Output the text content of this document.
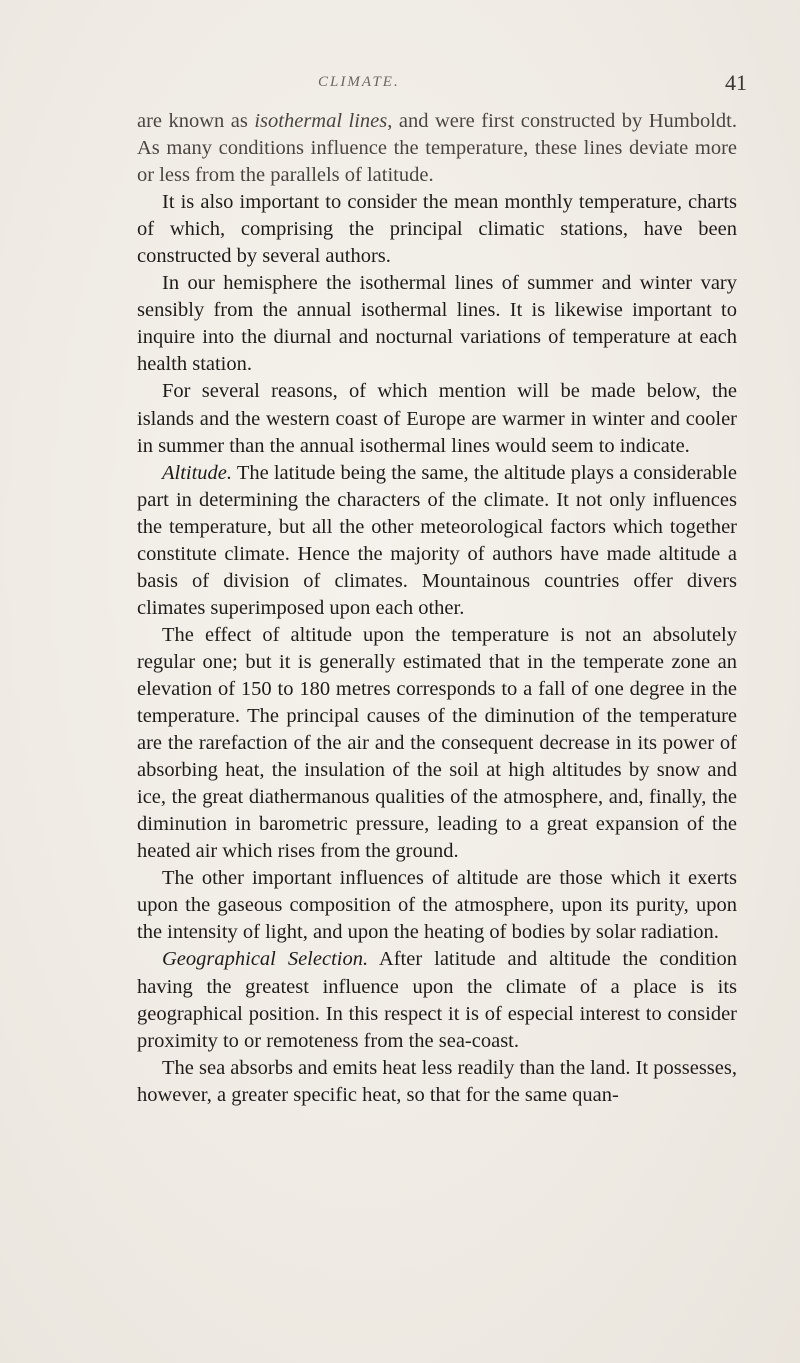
CLIMATE.	41

are known as isothermal lines, and were first constructed by Humboldt. As many conditions influence the temperature, these lines deviate more or less from the parallels of latitude.

It is also important to consider the mean monthly temperature, charts of which, comprising the principal climatic stations, have been constructed by several authors.

In our hemisphere the isothermal lines of summer and winter vary sensibly from the annual isothermal lines. It is likewise important to inquire into the diurnal and nocturnal variations of temperature at each health station.

For several reasons, of which mention will be made below, the islands and the western coast of Europe are warmer in winter and cooler in summer than the annual isothermal lines would seem to indicate.

Altitude. The latitude being the same, the altitude plays a considerable part in determining the characters of the climate. It not only influences the temperature, but all the other meteorological factors which together constitute climate. Hence the majority of authors have made altitude a basis of division of climates. Mountainous countries offer divers climates superimposed upon each other.

The effect of altitude upon the temperature is not an absolutely regular one; but it is generally estimated that in the temperate zone an elevation of 150 to 180 metres corresponds to a fall of one degree in the temperature. The principal causes of the diminution of the temperature are the rarefaction of the air and the consequent decrease in its power of absorbing heat, the insulation of the soil at high altitudes by snow and ice, the great diathermanous qualities of the atmosphere, and, finally, the diminution in barometric pressure, leading to a great expansion of the heated air which rises from the ground.

The other important influences of altitude are those which it exerts upon the gaseous composition of the atmosphere, upon its purity, upon the intensity of light, and upon the heating of bodies by solar radiation.

Geographical Selection. After latitude and altitude the condition having the greatest influence upon the climate of a place is its geographical position. In this respect it is of especial interest to consider proximity to or remoteness from the sea-coast.

The sea absorbs and emits heat less readily than the land. It possesses, however, a greater specific heat, so that for the same quan-
